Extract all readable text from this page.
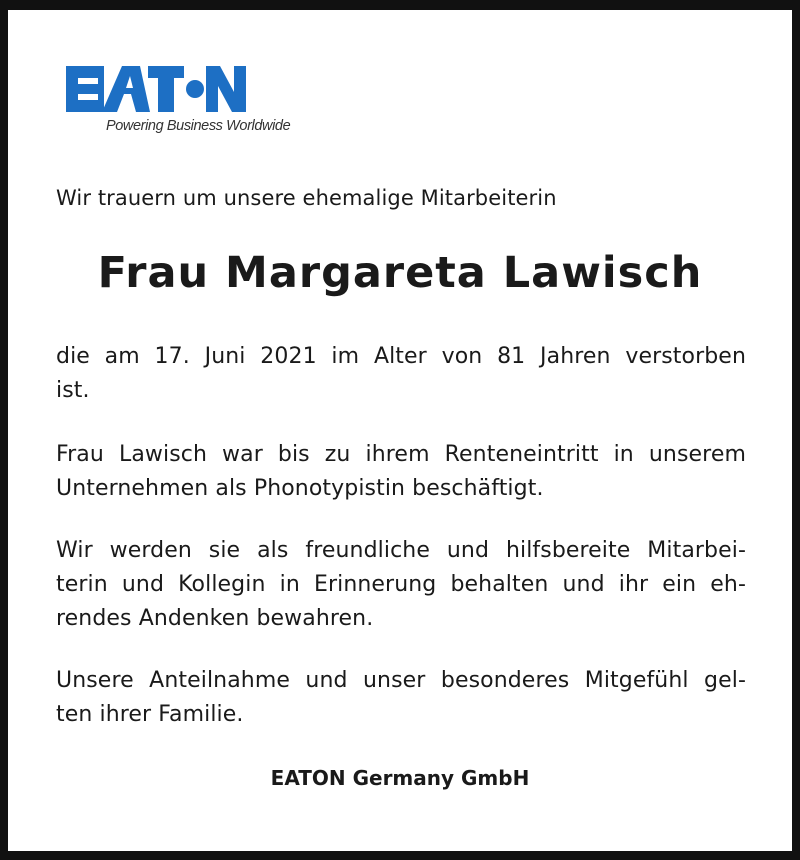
Powering Business Worldwide
Wir trauern um unsere ehemalige Mitarbeiterin
Frau Margareta Lawisch
die am 17. Juni 2021 im Alter von 81 Jahren verstorben
ist.
Frau Lawisch war bis zu ihrem Renteneintritt in unserem
Unternehmen als Phonotypistin beschäftigt.
Wir werden sie als freundliche und hilfsbereite Mitarbei-
terin und Kollegin in Erinnerung behalten und ihr ein eh-
rendes Andenken bewahren.
Unsere Anteilnahme und unser besonderes Mitgefühl gel-
ten ihrer Familie.
EATON Germany GmbH
